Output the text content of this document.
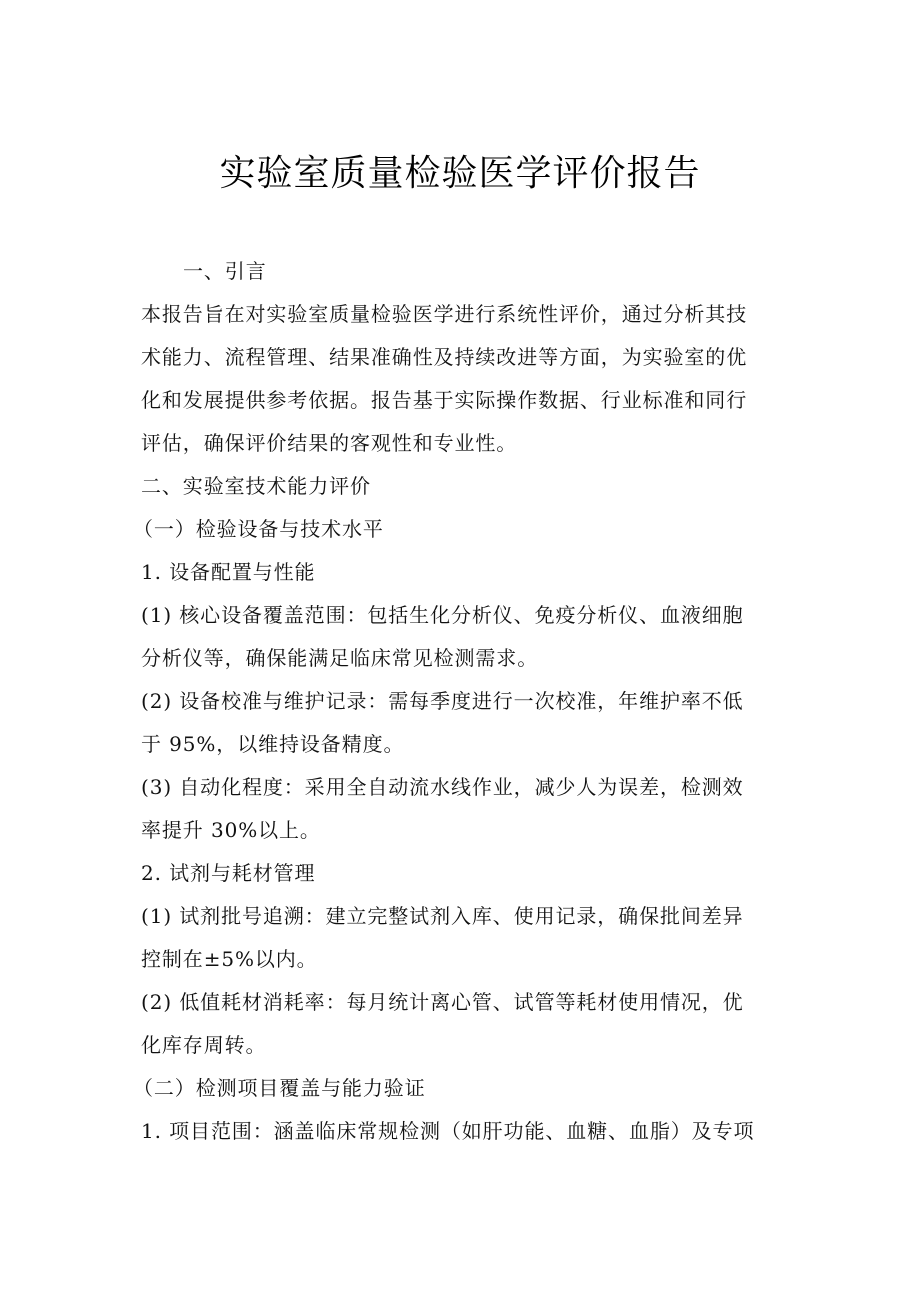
实验室质量检验医学评价报告

一、引言

本报告旨在对实验室质量检验医学进行系统性评价，通过分析其技

术能力、流程管理、结果准确性及持续改进等方面，为实验室的优

化和发展提供参考依据。报告基于实际操作数据、行业标准和同行

评估，确保评价结果的客观性和专业性。

二、实验室技术能力评价

（一）检验设备与技术水平

1. 设备配置与性能

(1) 核心设备覆盖范围：包括生化分析仪、免疫分析仪、血液细胞

分析仪等，确保能满足临床常见检测需求。

(2) 设备校准与维护记录：需每季度进行一次校准，年维护率不低

于 95%，以维持设备精度。

(3) 自动化程度：采用全自动流水线作业，减少人为误差，检测效

率提升 30%以上。

2. 试剂与耗材管理

(1) 试剂批号追溯：建立完整试剂入库、使用记录，确保批间差异

控制在±5%以内。

(2) 低值耗材消耗率：每月统计离心管、试管等耗材使用情况，优

化库存周转。

（二）检测项目覆盖与能力验证

1. 项目范围：涵盖临床常规检测（如肝功能、血糖、血脂）及专项
